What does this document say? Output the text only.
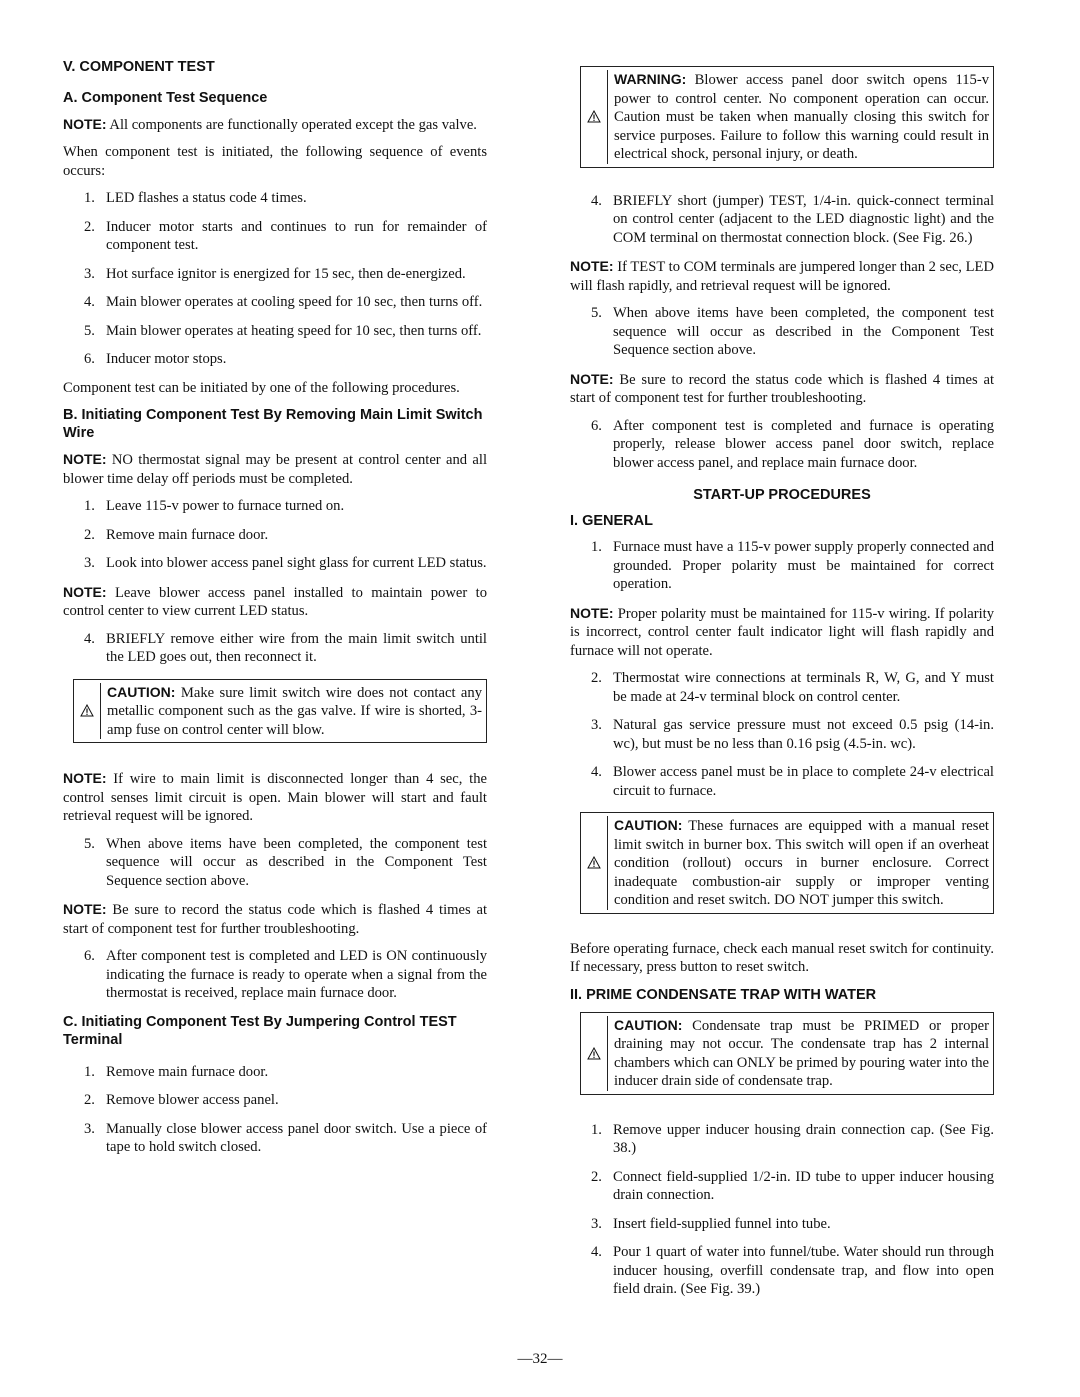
V. COMPONENT TEST
A. Component Test Sequence

NOTE: All components are functionally operated except the gas valve.

When component test is initiated, the following sequence of events occurs:

1. LED flashes a status code 4 times.
2. Inducer motor starts and continues to run for remainder of component test.
3. Hot surface ignitor is energized for 15 sec, then de-energized.
4. Main blower operates at cooling speed for 10 sec, then turns off.
5. Main blower operates at heating speed for 10 sec, then turns off.
6. Inducer motor stops.

Component test can be initiated by one of the following procedures.

B. Initiating Component Test By Removing Main Limit Switch Wire

NOTE: NO thermostat signal may be present at control center and all blower time delay off periods must be completed.

1. Leave 115-v power to furnace turned on.
2. Remove main furnace door.
3. Look into blower access panel sight glass for current LED status.

NOTE: Leave blower access panel installed to maintain power to control center to view current LED status.

4. BRIEFLY remove either wire from the main limit switch until the LED goes out, then reconnect it.
CAUTION: Make sure limit switch wire does not contact any metallic component such as the gas valve. If wire is shorted, 3-amp fuse on control center will blow.

NOTE: If wire to main limit is disconnected longer than 4 sec, the control senses limit circuit is open. Main blower will start and fault retrieval request will be ignored.

5. When above items have been completed, the component test sequence will occur as described in the Component Test Sequence section above.

NOTE: Be sure to record the status code which is flashed 4 times at start of component test for further troubleshooting.

6. After component test is completed and LED is ON continuously indicating the furnace is ready to operate when a signal from the thermostat is received, replace main furnace door.
C. Initiating Component Test By Jumpering Control TEST Terminal
1. Remove main furnace door.
2. Remove blower access panel.
3. Manually close blower access panel door switch. Use a piece of tape to hold switch closed.
WARNING: Blower access panel door switch opens 115-v power to control center. No component operation can occur. Caution must be taken when manually closing this switch for service purposes. Failure to follow this warning could result in electrical shock, personal injury, or death.
4. BRIEFLY short (jumper) TEST, 1/4-in. quick-connect terminal on control center (adjacent to the LED diagnostic light) and the COM terminal on thermostat connection block. (See Fig. 26.)

NOTE: If TEST to COM terminals are jumpered longer than 2 sec, LED will flash rapidly, and retrieval request will be ignored.

5. When above items have been completed, the component test sequence will occur as described in the Component Test Sequence section above.

NOTE: Be sure to record the status code which is flashed 4 times at start of component test for further troubleshooting.

6. After component test is completed and furnace is operating properly, release blower access panel door switch, replace blower access panel, and replace main furnace door.
START-UP PROCEDURES
I. GENERAL
1. Furnace must have a 115-v power supply properly connected and grounded. Proper polarity must be maintained for correct operation.

NOTE: Proper polarity must be maintained for 115-v wiring. If polarity is incorrect, control center fault indicator light will flash rapidly and furnace will not operate.

2. Thermostat wire connections at terminals R, W, G, and Y must be made at 24-v terminal block on control center.
3. Natural gas service pressure must not exceed 0.5 psig (14-in. wc), but must be no less than 0.16 psig (4.5-in. wc).
4. Blower access panel must be in place to complete 24-v electrical circuit to furnace.
CAUTION: These furnaces are equipped with a manual reset limit switch in burner box. This switch will open if an overheat condition (rollout) occurs in burner enclosure. Correct inadequate combustion-air supply or improper venting condition and reset switch. DO NOT jumper this switch.

Before operating furnace, check each manual reset switch for continuity. If necessary, press button to reset switch.

II. PRIME CONDENSATE TRAP WITH WATER
CAUTION: Condensate trap must be PRIMED or proper draining may not occur. The condensate trap has 2 internal chambers which can ONLY be primed by pouring water into the inducer drain side of condensate trap.
1. Remove upper inducer housing drain connection cap. (See Fig. 38.)
2. Connect field-supplied 1/2-in. ID tube to upper inducer housing drain connection.
3. Insert field-supplied funnel into tube.
4. Pour 1 quart of water into funnel/tube. Water should run through inducer housing, overfill condensate trap, and flow into open field drain. (See Fig. 39.)
—32—
